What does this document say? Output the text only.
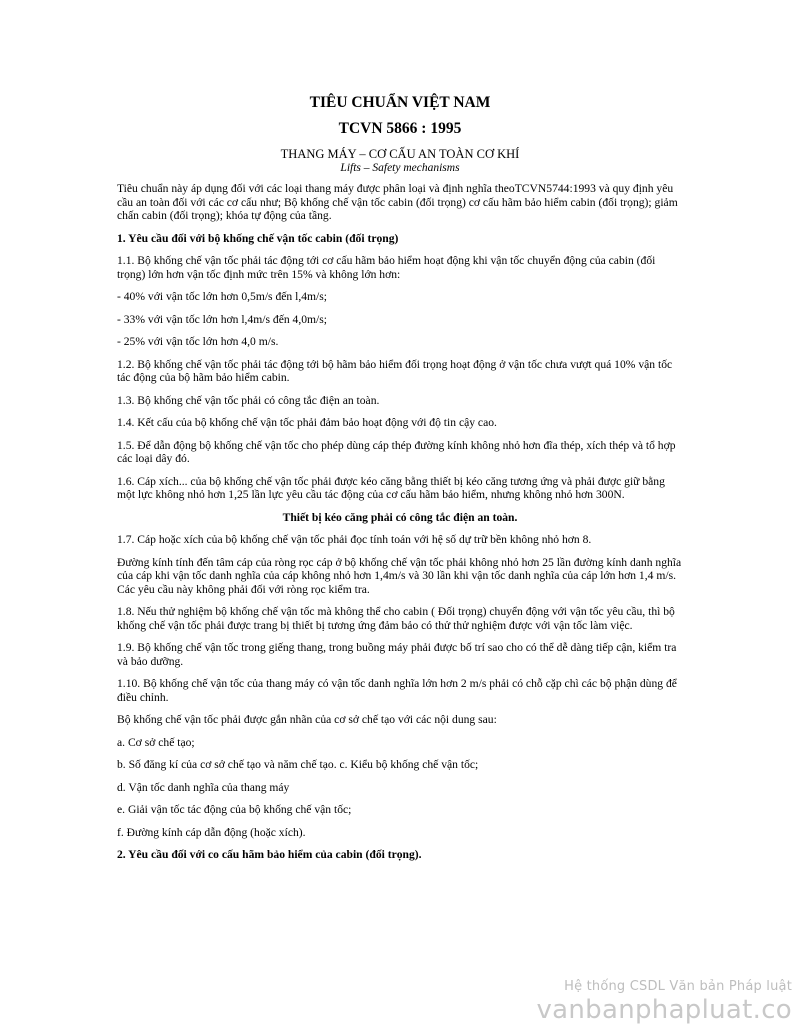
TIÊU CHUẨN VIỆT NAM

TCVN 5866 : 1995

THANG MÁY – CƠ CẤU AN TOÀN CƠ KHÍ

Lifts – Safety mechanisms

Tiêu chuẩn này áp dụng đối với các loại thang máy được phân loại và định nghĩa theoTCVN5744:1993 và quy định yêu cầu an toàn đối với các cơ cấu như; Bộ khống chế vận tốc cabin (đối trọng) cơ cấu hãm bảo hiểm cabin (đối trọng); giảm chấn cabin (đối trọng); khóa tự động của tầng.

1. Yêu cầu đối với bộ khống chế vận tốc cabin (đối trọng)

1.1. Bộ khống chế vận tốc phải tác động tới cơ cấu hãm bảo hiểm hoạt động khi vận tốc chuyển động của cabin (đối trọng) lớn hơn vận tốc định mức trên 15% và không lớn hơn:

- 40% với vận tốc lớn hơn 0,5m/s đến l,4m/s;

- 33% với vận tốc lớn hơn l,4m/s đến 4,0m/s;

- 25% với vận tốc lớn hơn 4,0 m/s.

1.2. Bộ khống chế vận tốc phải tác động tới bộ hãm bảo hiểm đối trọng hoạt động ở vận tốc chưa vượt quá 10% vận tốc tác động của bộ hãm bảo hiểm cabin.

1.3. Bộ khống chế vận tốc phải có công tắc điện an toàn.

1.4. Kết cấu của bộ khống chế vận tốc phải đảm bảo hoạt động với độ tin cậy cao.

1.5. Để dẫn động bộ khống chế vận tốc cho phép dùng cáp thép đường kính không nhỏ hơn đĩa thép, xích thép và tổ hợp các loại dây đó.

1.6. Cáp xích... của bộ khống chế vận tốc phải được kéo căng bằng thiết bị kéo căng tương ứng và phải được giữ bằng một lực không nhỏ hơn 1,25 lần lực yêu cầu tác động của cơ cấu hãm bảo hiểm, nhưng không nhỏ hơn 300N.

Thiết bị kéo căng phải có công tắc điện an toàn.

1.7. Cáp hoặc xích của bộ khống chế vận tốc phải đọc tính toán với hệ số dự trữ bền không nhỏ hơn 8.

Đường kính tính đến tâm cáp của ròng rọc cáp ở bộ khống chế vận tốc phải không nhỏ hơn 25 lần đường kính danh nghĩa của cáp khi vận tốc danh nghĩa của cáp không nhỏ hơn 1,4m/s và 30 lần khi vận tốc danh nghĩa của cáp lớn hơn 1,4 m/s. Các yêu cầu này không phải đối với ròng rọc kiểm tra.

1.8. Nếu thử nghiệm bộ khống chế vận tốc mà không thể cho cabin ( Đối trọng) chuyển động với vận tốc yêu cầu, thì bộ khống chế vận tốc phải được trang bị thiết bị tương ứng đảm bảo có thử thử nghiệm được với vận tốc làm việc.

1.9. Bộ khống chế vận tốc trong giếng thang, trong buồng máy phải được bố trí sao cho có thể dễ dàng tiếp cận, kiểm tra và bảo dưỡng.

1.10. Bộ khống chế vận tốc của thang máy có vận tốc danh nghĩa lớn hơn 2 m/s phải có chỗ cặp chì các bộ phận dùng để điều chỉnh.

Bộ khống chế vận tốc phải được gắn nhãn của cơ sở chế tạo với các nội dung sau:

a. Cơ sở chế tạo;

b. Số đăng kí của cơ sở chế tạo và năm chế tạo. c. Kiểu bộ khống chế vận tốc;

d. Vận tốc danh nghĩa của thang máy

e. Giải vận tốc tác động của bộ khống chế vận tốc;

f. Đường kính cáp dẫn động (hoặc xích).

2. Yêu cầu đối với co cấu hãm bảo hiểm của cabin (đối trọng).

Hệ thống CSDL Văn bản Pháp luật
vanbanphapluat.co
